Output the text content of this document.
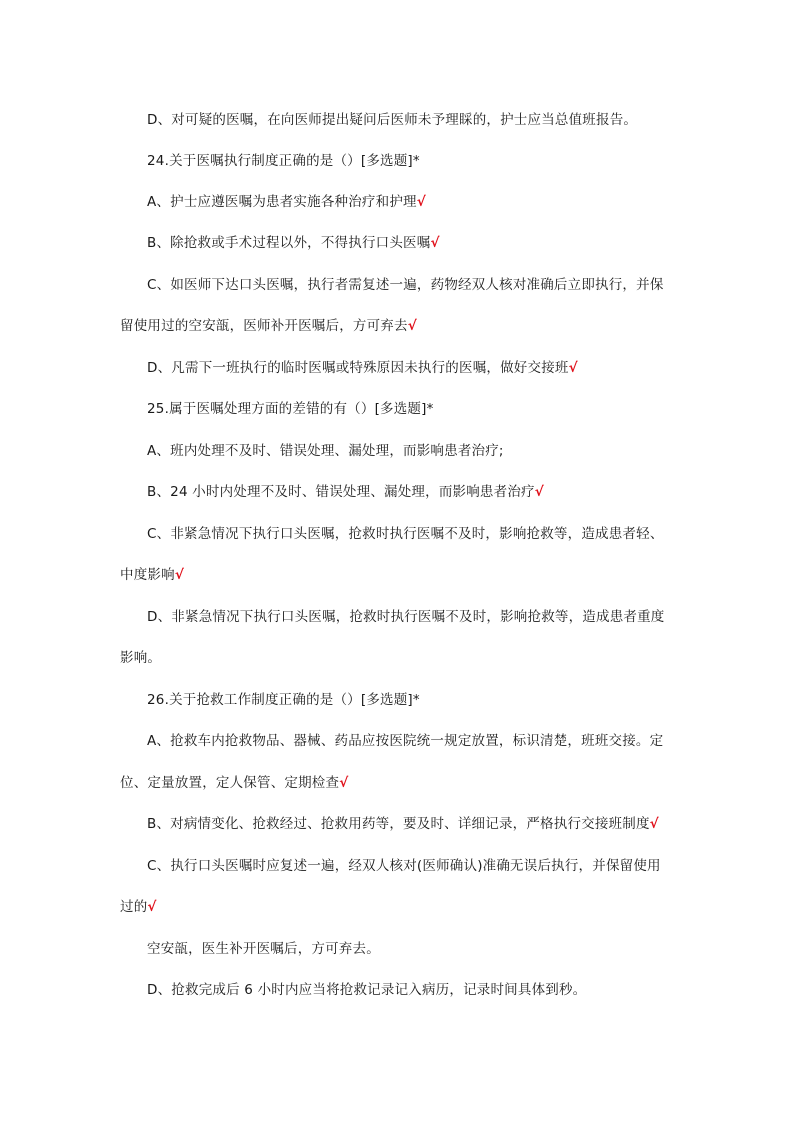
D、对可疑的医嘱，在向医师提出疑问后医师未予理睬的，护士应当总值班报告。
24.关于医嘱执行制度正确的是（）[多选题]*
A、护士应遵医嘱为患者实施各种治疗和护理√
B、除抢救或手术过程以外，不得执行口头医嘱√
C、如医师下达口头医嘱，执行者需复述一遍，药物经双人核对准确后立即执行，并保
留使用过的空安瓿，医师补开医嘱后，方可弃去√
D、凡需下一班执行的临时医嘱或特殊原因未执行的医嘱，做好交接班√
25.属于医嘱处理方面的差错的有（）[多选题]*
A、班内处理不及时、错误处理、漏处理，而影响患者治疗;
B、24 小时内处理不及时、错误处理、漏处理，而影响患者治疗√
C、非紧急情况下执行口头医嘱，抢救时执行医嘱不及时，影响抢救等，造成患者轻、
中度影响√
D、非紧急情况下执行口头医嘱，抢救时执行医嘱不及时，影响抢救等，造成患者重度
影响。
26.关于抢救工作制度正确的是（）[多选题]*
A、抢救车内抢救物品、器械、药品应按医院统一规定放置，标识清楚，班班交接。定
位、定量放置，定人保管、定期检查√
B、对病情变化、抢救经过、抢救用药等，要及时、详细记录，严格执行交接班制度√
C、执行口头医嘱时应复述一遍，经双人核对(医师确认)准确无误后执行，并保留使用
过的√
空安瓿，医生补开医嘱后，方可弃去。
D、抢救完成后 6 小时内应当将抢救记录记入病历，记录时间具体到秒。
